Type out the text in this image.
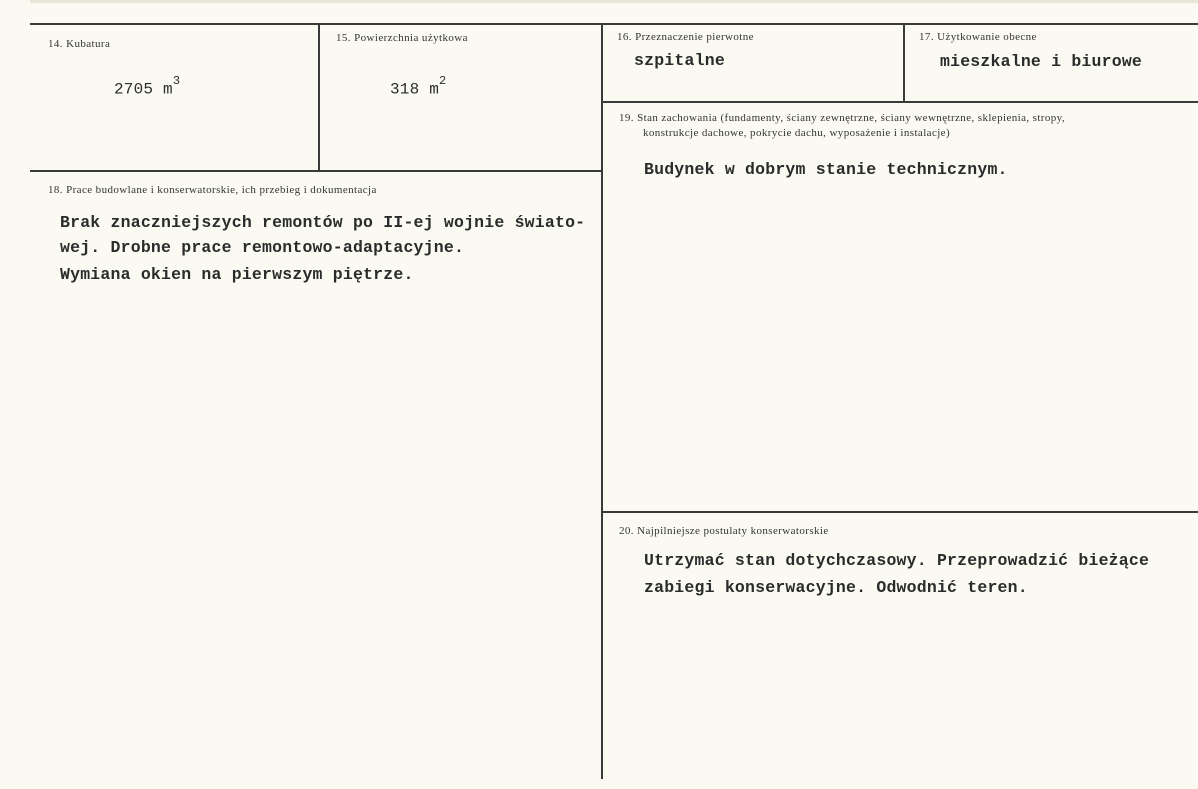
14. Kubatura
2705 $m^3$
15. Powierzchnia użytkowa
318 $m^2$
16. Przeznaczenie pierwotne
szpitalne
17. Użytkowanie obecne
mieszkalne i biurowe
18. Prace budowlane i konserwatorskie, ich przebieg i dokumentacja
Brak znaczniejszych remontów po II-ej wojnie świato-
wej. Drobne prace remontowo-adaptacyjne.
Wymiana okien na pierwszym piętrze.
19. Stan zachowania (fundamenty, ściany zewnętrzne, ściany wewnętrzne, sklepienia, stropy,
konstrukcje dachowe, pokrycie dachu, wyposażenie i instalacje)
Budynek w dobrym stanie technicznym.
20. Najpilniejsze postulaty konserwatorskie
Utrzymać stan dotychczasowy. Przeprowadzić bieżące
zabiegi konserwacyjne. Odwodnić teren.
